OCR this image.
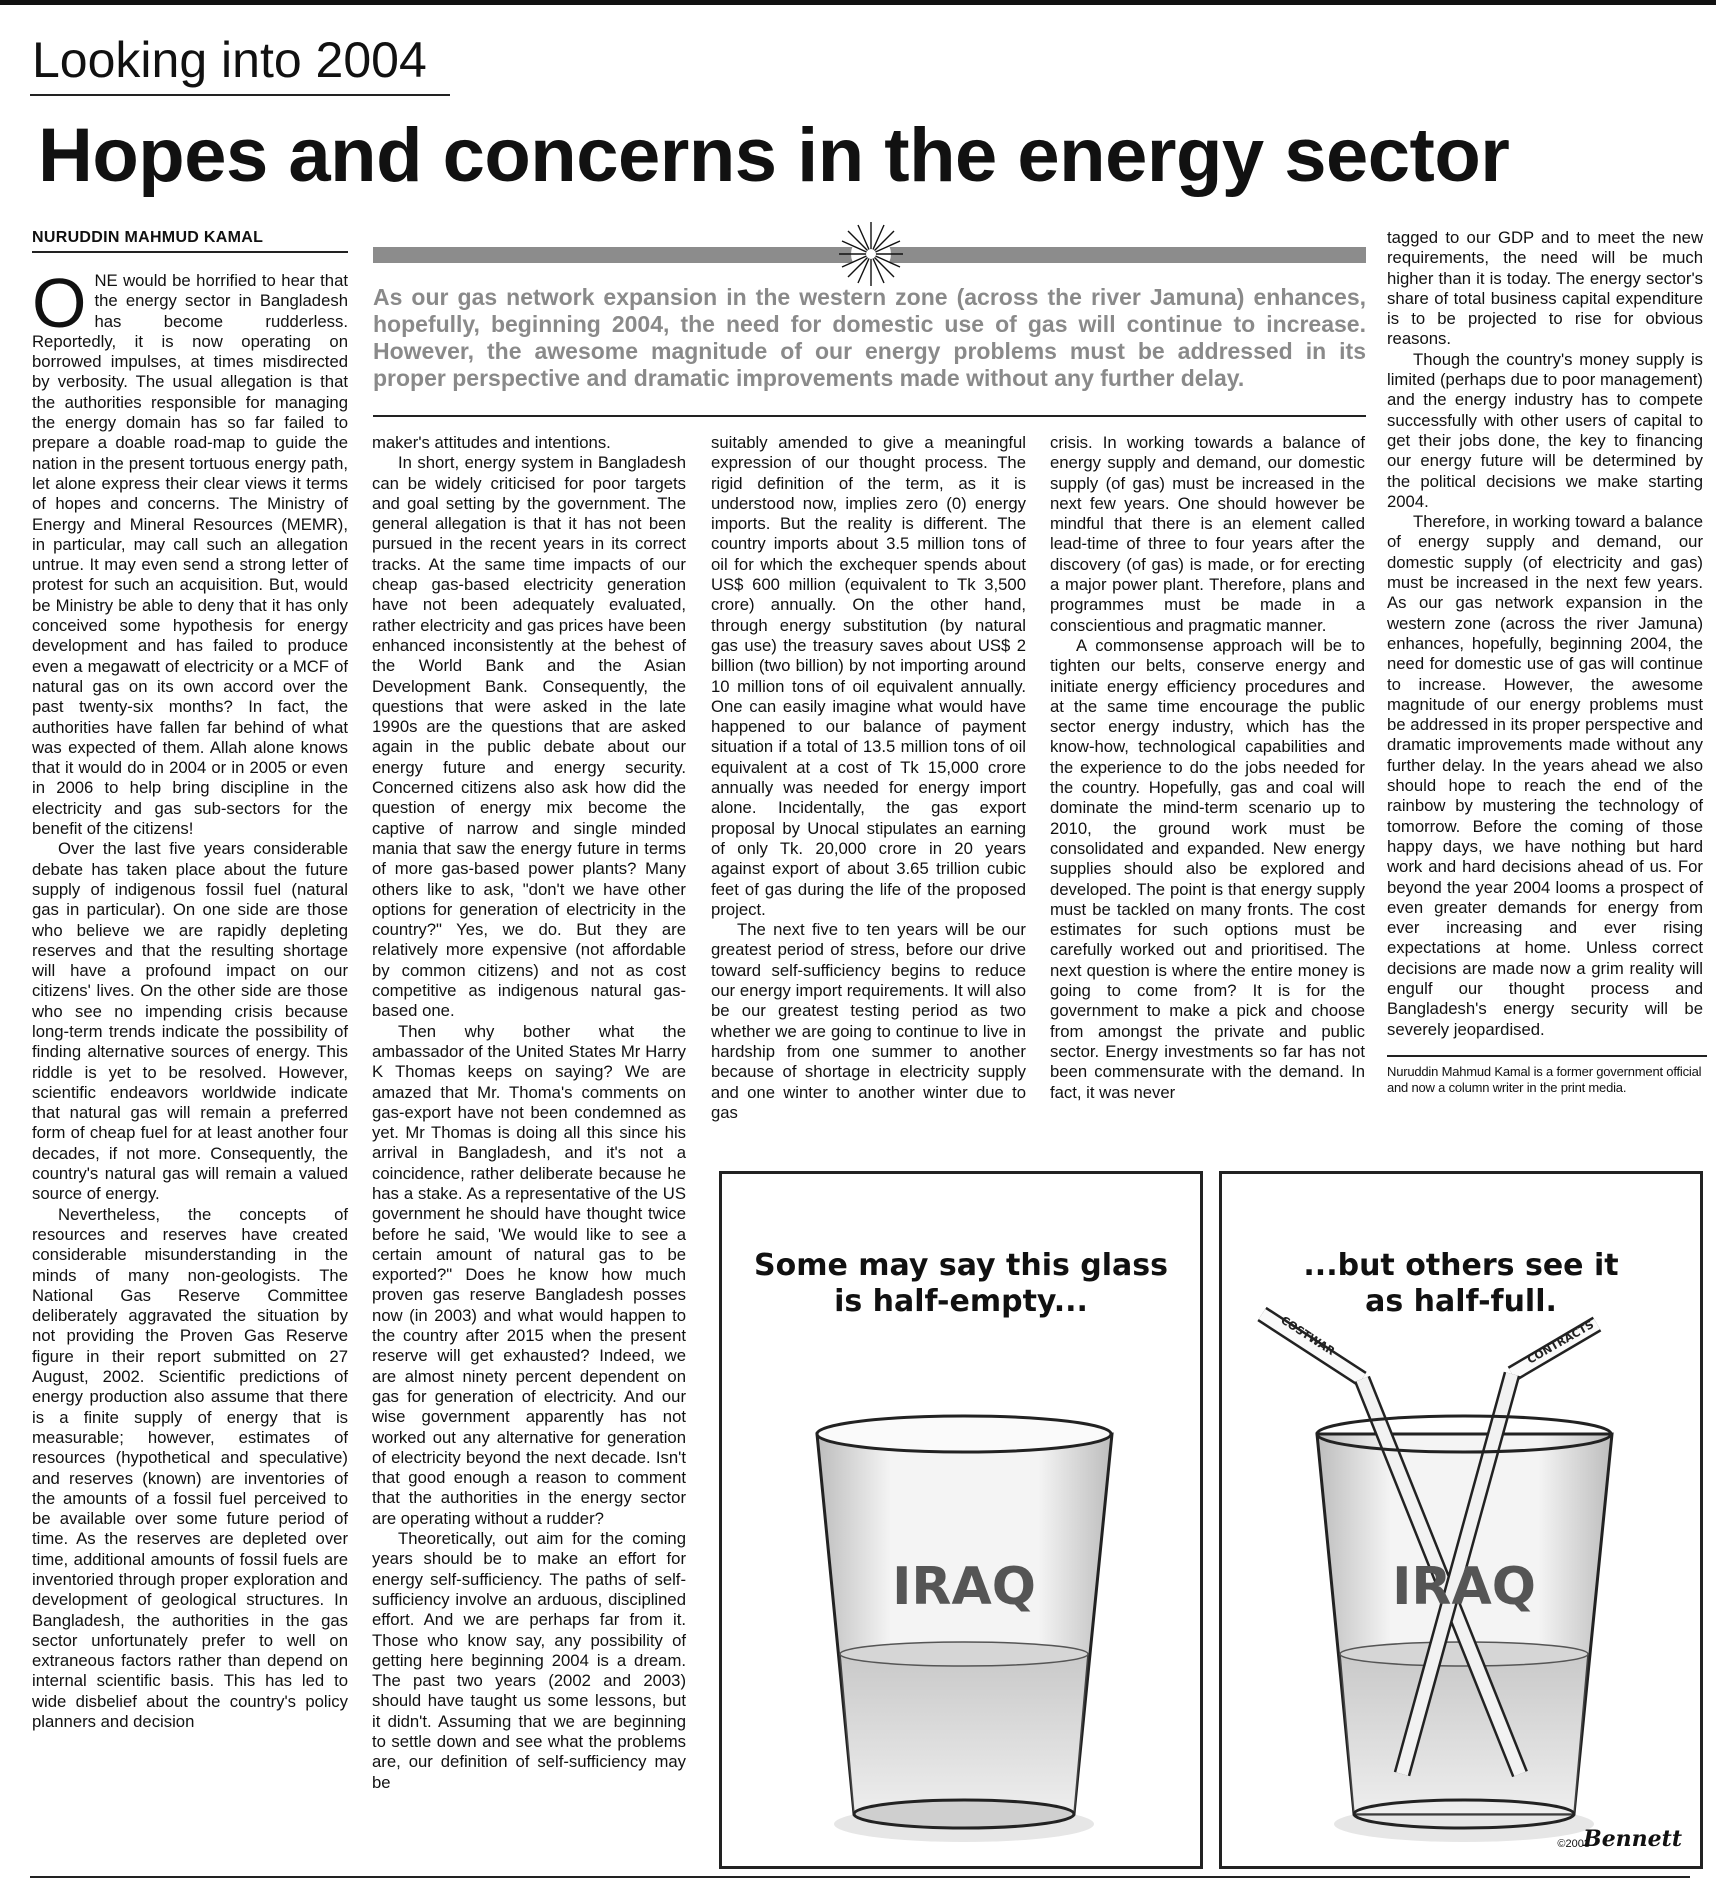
Looking into 2004
Hopes and concerns in the energy sector
NURUDDIN MAHMUD KAMAL

ONE would be horrified to hear that the energy sector in Bangladesh has become rudderless. Reportedly, it is now operating on borrowed impulses, at times misdirected by verbosity. The usual allegation is that the authorities responsible for managing the energy domain has so far failed to prepare a doable road-map to guide the nation in the present tortuous energy path, let alone express their clear views it terms of hopes and concerns. The Ministry of Energy and Mineral Resources (MEMR), in particular, may call such an allegation untrue. It may even send a strong letter of protest for such an acquisition. But, would be Ministry be able to deny that it has only conceived some hypothesis for energy development and has failed to produce even a megawatt of electricity or a MCF of natural gas on its own accord over the past twenty-six months? In fact, the authorities have fallen far behind of what was expected of them. Allah alone knows that it would do in 2004 or in 2005 or even in 2006 to help bring discipline in the electricity and gas sub-sectors for the benefit of the citizens!

Over the last five years considerable debate has taken place about the future supply of indigenous fossil fuel (natural gas in particular). On one side are those who believe we are rapidly depleting reserves and that the resulting shortage will have a profound impact on our citizens' lives. On the other side are those who see no impending crisis because long-term trends indicate the possibility of finding alternative sources of energy. This riddle is yet to be resolved. However, scientific endeavors worldwide indicate that natural gas will remain a preferred form of cheap fuel for at least another four decades, if not more. Consequently, the country's natural gas will remain a valued source of energy.

Nevertheless, the concepts of resources and reserves have created considerable misunderstanding in the minds of many non-geologists. The National Gas Reserve Committee deliberately aggravated the situation by not providing the Proven Gas Reserve figure in their report submitted on 27 August, 2002. Scientific predictions of energy production also assume that there is a finite supply of energy that is measurable; however, estimates of resources (hypothetical and speculative) and reserves (known) are inventories of the amounts of a fossil fuel perceived to be available over some future period of time. As the reserves are depleted over time, additional amounts of fossil fuels are inventoried through proper exploration and development of geological structures. In Bangladesh, the authorities in the gas sector unfortunately prefer to well on extraneous factors rather than depend on internal scientific basis. This has led to wide disbelief about the country's policy planners and decision

As our gas network expansion in the western zone (across the river Jamuna) enhances, hopefully, beginning 2004, the need for domestic use of gas will continue to increase. However, the awesome magnitude of our energy problems must be addressed in its proper perspective and dramatic improvements made without any further delay.

maker's attitudes and intentions.

In short, energy system in Bangladesh can be widely criticised for poor targets and goal setting by the government. The general allegation is that it has not been pursued in the recent years in its correct tracks. At the same time impacts of our cheap gas-based electricity generation have not been adequately evaluated, rather electricity and gas prices have been enhanced inconsistently at the behest of the World Bank and the Asian Development Bank. Consequently, the questions that were asked in the late 1990s are the questions that are asked again in the public debate about our energy future and energy security. Concerned citizens also ask how did the question of energy mix become the captive of narrow and single minded mania that saw the energy future in terms of more gas-based power plants? Many others like to ask, "don't we have other options for generation of electricity in the country?" Yes, we do. But they are relatively more expensive (not affordable by common citizens) and not as cost competitive as indigenous natural gas-based one.

Then why bother what the ambassador of the United States Mr Harry K Thomas keeps on saying? We are amazed that Mr. Thoma's comments on gas-export have not been condemned as yet. Mr Thomas is doing all this since his arrival in Bangladesh, and it's not a coincidence, rather deliberate because he has a stake. As a representative of the US government he should have thought twice before he said, 'We would like to see a certain amount of natural gas to be exported?" Does he know how much proven gas reserve Bangladesh posses now (in 2003) and what would happen to the country after 2015 when the present reserve will get exhausted? Indeed, we are almost ninety percent dependent on gas for generation of electricity. And our wise government apparently has not worked out any alternative for generation of electricity beyond the next decade. Isn't that good enough a reason to comment that the authorities in the energy sector are operating without a rudder?

Theoretically, out aim for the coming years should be to make an effort for energy self-sufficiency. The paths of self-sufficiency involve an arduous, disciplined effort. And we are perhaps far from it. Those who know say, any possibility of getting here beginning 2004 is a dream. The past two years (2002 and 2003) should have taught us some lessons, but it didn't. Assuming that we are beginning to settle down and see what the problems are, our definition of self-sufficiency may be

suitably amended to give a meaningful expression of our thought process. The rigid definition of the term, as it is understood now, implies zero (0) energy imports. But the reality is different. The country imports about 3.5 million tons of oil for which the exchequer spends about US$ 600 million (equivalent to Tk 3,500 crore) annually. On the other hand, through energy substitution (by natural gas use) the treasury saves about US$ 2 billion (two billion) by not importing around 10 million tons of oil equivalent annually. One can easily imagine what would have happened to our balance of payment situation if a total of 13.5 million tons of oil equivalent at a cost of Tk 15,000 crore annually was needed for energy import alone. Incidentally, the gas export proposal by Unocal stipulates an earning of only Tk. 20,000 crore in 20 years against export of about 3.65 trillion cubic feet of gas during the life of the proposed project.

The next five to ten years will be our greatest period of stress, before our drive toward self-sufficiency begins to reduce our energy import requirements. It will also be our greatest testing period as two whether we are going to continue to live in hardship from one summer to another because of shortage in electricity supply and one winter to another winter due to gas

crisis. In working towards a balance of energy supply and demand, our domestic supply (of gas) must be increased in the next few years. One should however be mindful that there is an element called lead-time of three to four years after the discovery (of gas) is made, or for erecting a major power plant. Therefore, plans and programmes must be made in a conscientious and pragmatic manner.

A commonsense approach will be to tighten our belts, conserve energy and initiate energy efficiency procedures and at the same time encourage the public sector energy industry, which has the know-how, technological capabilities and the experience to do the jobs needed for the country. Hopefully, gas and coal will dominate the mind-term scenario up to 2010, the ground work must be consolidated and expanded. New energy supplies should also be explored and developed. The point is that energy supply must be tackled on many fronts. The cost estimates for such options must be carefully worked out and prioritised. The next question is where the entire money is going to come from? It is for the government to make a pick and choose from amongst the private and public sector. Energy investments so far has not been commensurate with the demand. In fact, it was never

tagged to our GDP and to meet the new requirements, the need will be much higher than it is today. The energy sector's share of total business capital expenditure is to be projected to rise for obvious reasons.

Though the country's money supply is limited (perhaps due to poor management) and the energy industry has to compete successfully with other users of capital to get their jobs done, the key to financing our energy future will be determined by the political decisions we make starting 2004.

Therefore, in working toward a balance of energy supply and demand, our domestic supply (of electricity and gas) must be increased in the next few years. As our gas network expansion in the western zone (across the river Jamuna) enhances, hopefully, beginning 2004, the need for domestic use of gas will continue to increase. However, the awesome magnitude of our energy problems must be addressed in its proper perspective and dramatic improvements made without any further delay. In the years ahead we also should hope to reach the end of the rainbow by mustering the technology of tomorrow. Before the coming of those happy days, we have nothing but hard work and hard decisions ahead of us. For beyond the year 2004 looms a prospect of even greater demands for energy from ever increasing and ever rising expectations at home. Unless correct decisions are made now a grim reality will engulf our thought process and Bangladesh's energy security will be severely jeopardised.

Nuruddin Mahmud Kamal is a former government official and now a column writer in the print media.
Some may say this glass
is half-empty...
IRAQ
...but others see it
as half-full.
COSTWAR	CONTRACTS
IRAQ
©2003
Bennett
